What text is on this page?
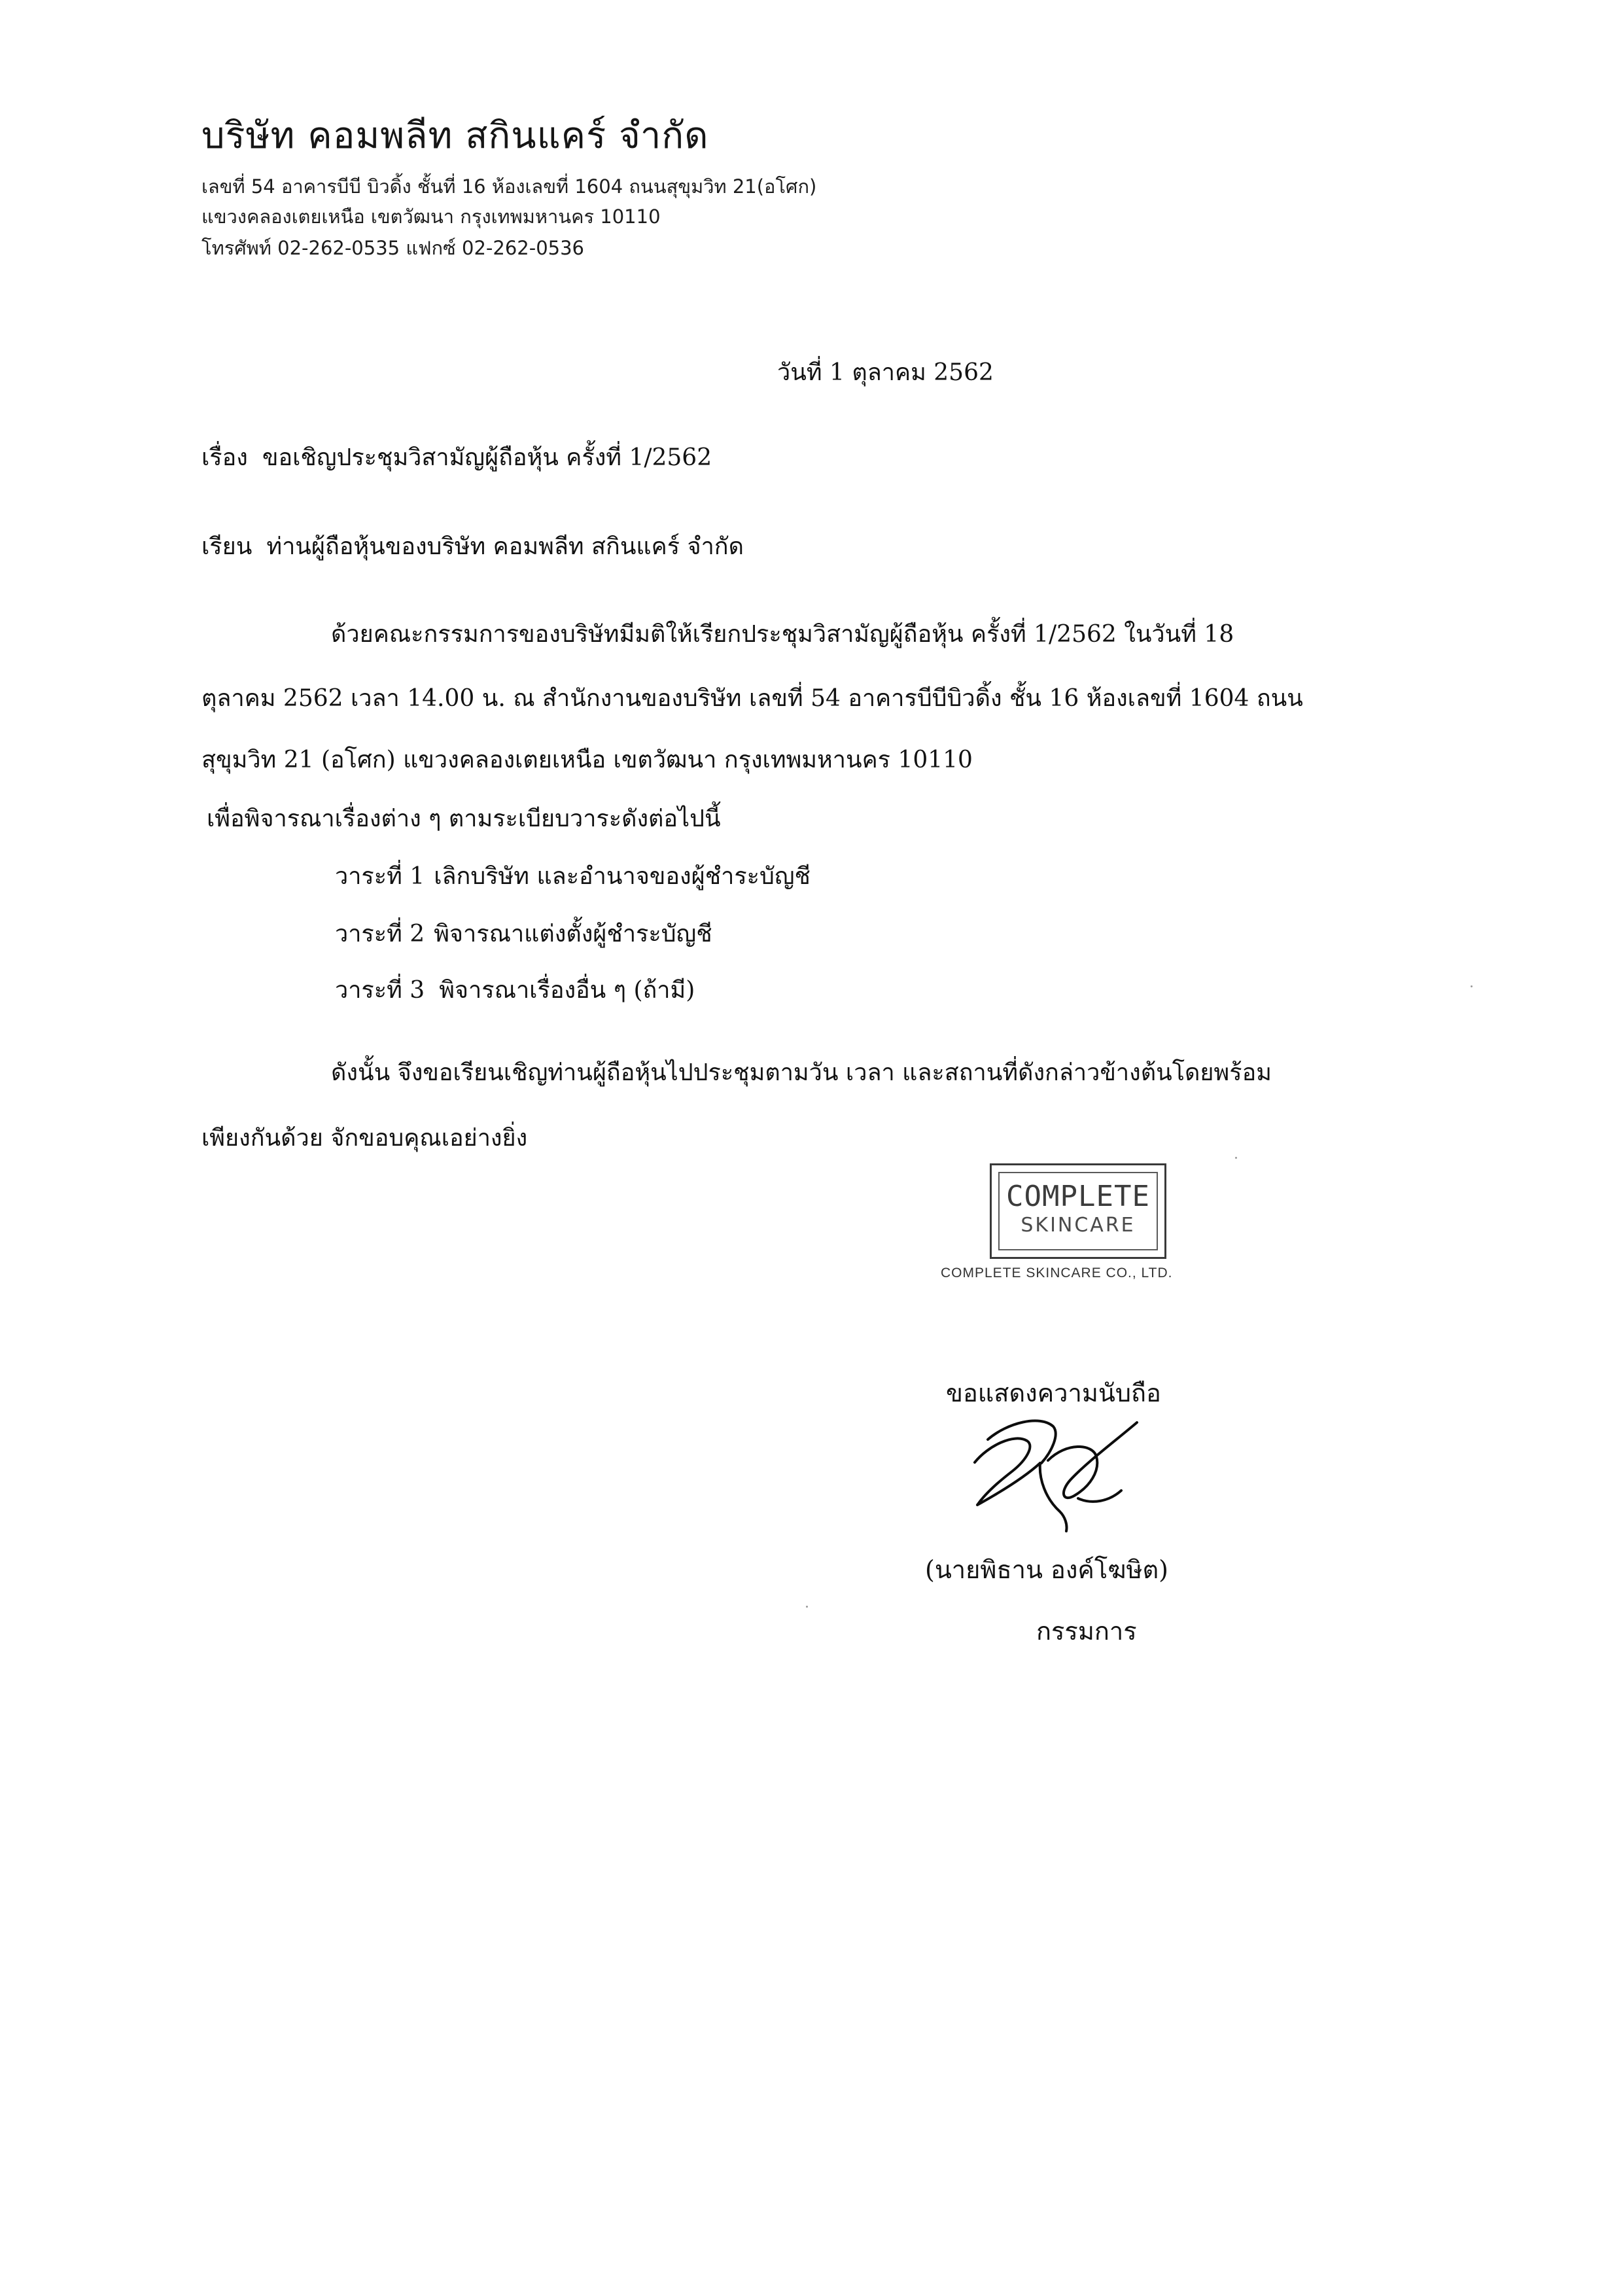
บริษัท คอมพลีท สกินแคร์ จำกัด
เลขที่ 54 อาคารบีบี บิวดิ้ง ชั้นที่ 16 ห้องเลขที่ 1604 ถนนสุขุมวิท 21(อโศก)
แขวงคลองเตยเหนือ เขตวัฒนา กรุงเทพมหานคร 10110
โทรศัพท์ 02-262-0535 แฟกซ์ 02-262-0536
วันที่ 1 ตุลาคม 2562
เรื่อง ขอเชิญประชุมวิสามัญผู้ถือหุ้น ครั้งที่ 1/2562
เรียน ท่านผู้ถือหุ้นของบริษัท คอมพลีท สกินแคร์ จำกัด
ด้วยคณะกรรมการของบริษัทมีมติให้เรียกประชุมวิสามัญผู้ถือหุ้น ครั้งที่ 1/2562 ในวันที่ 18
ตุลาคม 2562 เวลา 14.00 น. ณ สำนักงานของบริษัท เลขที่ 54 อาคารบีบีบิวดิ้ง ชั้น 16 ห้องเลขที่ 1604 ถนน
สุขุมวิท 21 (อโศก) แขวงคลองเตยเหนือ เขตวัฒนา กรุงเทพมหานคร 10110
เพื่อพิจารณาเรื่องต่าง ๆ ตามระเบียบวาระดังต่อไปนี้
วาระที่ 1 เลิกบริษัท และอำนาจของผู้ชำระบัญชี
วาระที่ 2 พิจารณาแต่งตั้งผู้ชำระบัญชี
วาระที่ 3 พิจารณาเรื่องอื่น ๆ (ถ้ามี)
ดังนั้น จึงขอเรียนเชิญท่านผู้ถือหุ้นไปประชุมตามวัน เวลา และสถานที่ดังกล่าวข้างต้นโดยพร้อม
เพียงกันด้วย จักขอบคุณเอย่างยิ่ง
COMPLETE
SKINCARE
COMPLETE SKINCARE CO., LTD.
ขอแสดงความนับถือ
(นายพิธาน องค์โฆษิต)
กรรมการ
